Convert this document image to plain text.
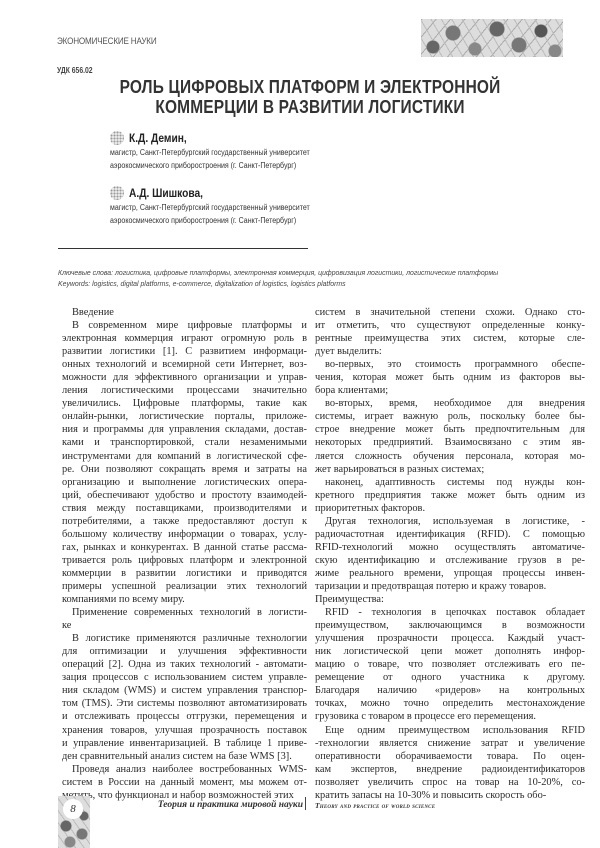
ЭКОНОМИЧЕСКИЕ НАУКИ
УДК 656.02
РОЛЬ ЦИФРОВЫХ ПЛАТФОРМ И ЭЛЕКТРОННОЙ КОММЕРЦИИ В РАЗВИТИИ ЛОГИСТИКИ
К.Д. Демин,
магистр, Санкт-Петербургский государственный университет
аэрокосмического приборостроения (г. Санкт-Петербург)
А.Д. Шишкова,
магистр, Санкт-Петербургский государственный университет
аэрокосмического приборостроения (г. Санкт-Петербург)
Ключевые слова: логистика, цифровые платформы, электронная коммерция, цифровизация логистики, логистические платформы
Keywords: logistics, digital platforms, e-commerce, digitalization of logistics, logistics platforms
Введение
В современном мире цифровые платформы и
электронная коммерция играют огромную роль в
развитии логистики [1]. С развитием информаци-
онных технологий и всемирной сети Интернет, воз-
можности для эффективного организации и управ-
ления логистическими процессами значительно
увеличились. Цифровые платформы, такие как
онлайн-рынки, логистические порталы, приложе-
ния и программы для управления складами, достав-
ками и транспортировкой, стали незаменимыми
инструментами для компаний в логистической сфе-
ре. Они позволяют сокращать время и затраты на
организацию и выполнение логистических опера-
ций, обеспечивают удобство и простоту взаимодей-
ствия между поставщиками, производителями и
потребителями, а также предоставляют доступ к
большому количеству информации о товарах, услу-
гах, рынках и конкурентах. В данной статье рассма-
тривается роль цифровых платформ и электронной
коммерции в развитии логистики и приводятся
примеры успешной реализации этих технологий
компаниями по всему миру.
Применение современных технологий в логисти-
ке
В логистике применяются различные технологии
для оптимизации и улучшения эффективности
операций [2]. Одна из таких технологий - автомати-
зация процессов с использованием систем управле-
ния складом (WMS) и систем управления транспор-
том (TMS). Эти системы позволяют автоматизировать
и отслеживать процессы отгрузки, перемещения и
хранения товаров, улучшая прозрачность поставок
и управление инвентаризацией. В таблице 1 приве-
ден сравнительный анализ систем на базе WMS [3].
Проведя анализ наиболее востребованных WMS-
систем в России на данный момент, мы можем от-
метить, что функционал и набор возможностей этих
систем в значительной степени схожи. Однако сто-
ит отметить, что существуют определенные конку-
рентные преимущества этих систем, которые сле-
дует выделить:
во-первых, это стоимость программного обеспе-
чения, которая может быть одним из факторов вы-
бора клиентами;
во-вторых, время, необходимое для внедрения
системы, играет важную роль, поскольку более бы-
строе внедрение может быть предпочтительным для
некоторых предприятий. Взаимосвязано с этим яв-
ляется сложность обучения персонала, которая мо-
жет варьироваться в разных системах;
наконец, адаптивность системы под нужды кон-
кретного предприятия также может быть одним из
приоритетных факторов.
Другая технология, используемая в логистике, -
радиочастотная идентификация (RFID). С помощью
RFID-технологий можно осуществлять автоматиче-
скую идентификацию и отслеживание грузов в ре-
жиме реального времени, упрощая процессы инвен-
таризации и предотвращая потерю и кражу товаров.
Преимущества:
RFID - технология в цепочках поставок обладает
преимуществом, заключающимся в возможности
улучшения прозрачности процесса. Каждый участ-
ник логистической цепи может дополнять инфор-
мацию о товаре, что позволяет отслеживать его пе-
ремещение от одного участника к другому.
Благодаря наличию «ридеров» на контрольных
точках, можно точно определить местонахождение
грузовика с товаром в процессе его перемещения.
Еще одним преимуществом использования RFID
-технологии является снижение затрат и увеличение
оперативности оборачиваемости товара. По оцен-
кам экспертов, внедрение радиоидентификаторов
позволяет увеличить спрос на товар на 10-20%, со-
кратить запасы на 10-30% и повысить скорость обо-
8	Теория и практика мировой науки Theory and practice of world science
